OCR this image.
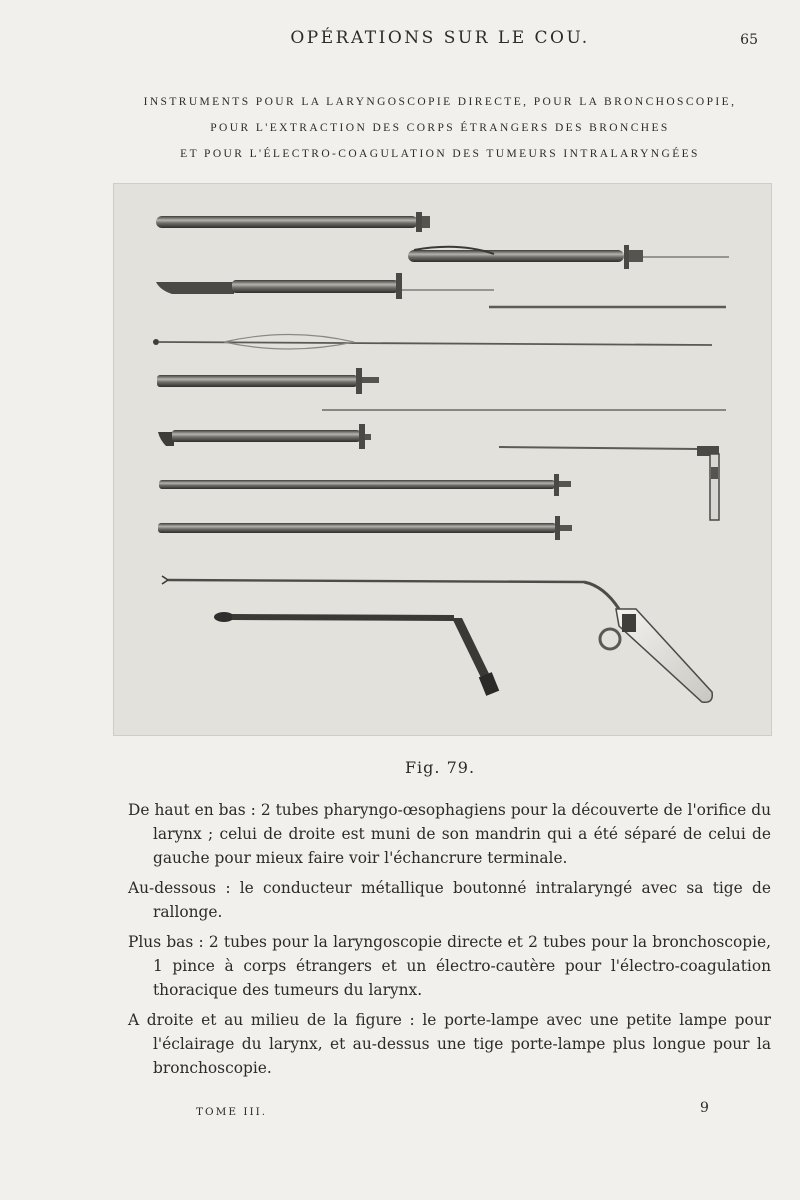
OPÉRATIONS SUR LE COU.	65
INSTRUMENTS POUR LA LARYNGOSCOPIE DIRECTE, POUR LA BRONCHOSCOPIE,
POUR L'EXTRACTION DES CORPS ÉTRANGERS DES BRONCHES
ET POUR L'ÉLECTRO-COAGULATION DES TUMEURS INTRALARYNGÉES
Fig. 79.

De haut en bas : 2 tubes pharyngo-œsophagiens pour la découverte de l'orifice du larynx ; celui de droite est muni de son mandrin qui a été séparé de celui de gauche pour mieux faire voir l'échancrure terminale.

Au-dessous : le conducteur métallique boutonné intralaryngé avec sa tige de rallonge.

Plus bas : 2 tubes pour la laryngoscopie directe et 2 tubes pour la bronchoscopie, 1 pince à corps étrangers et un électro-cautère pour l'électro-coagulation thoracique des tumeurs du larynx.

A droite et au milieu de la figure : le porte-lampe avec une petite lampe pour l'éclairage du larynx, et au-dessus une tige porte-lampe plus longue pour la bronchoscopie.

TOME III.	9
